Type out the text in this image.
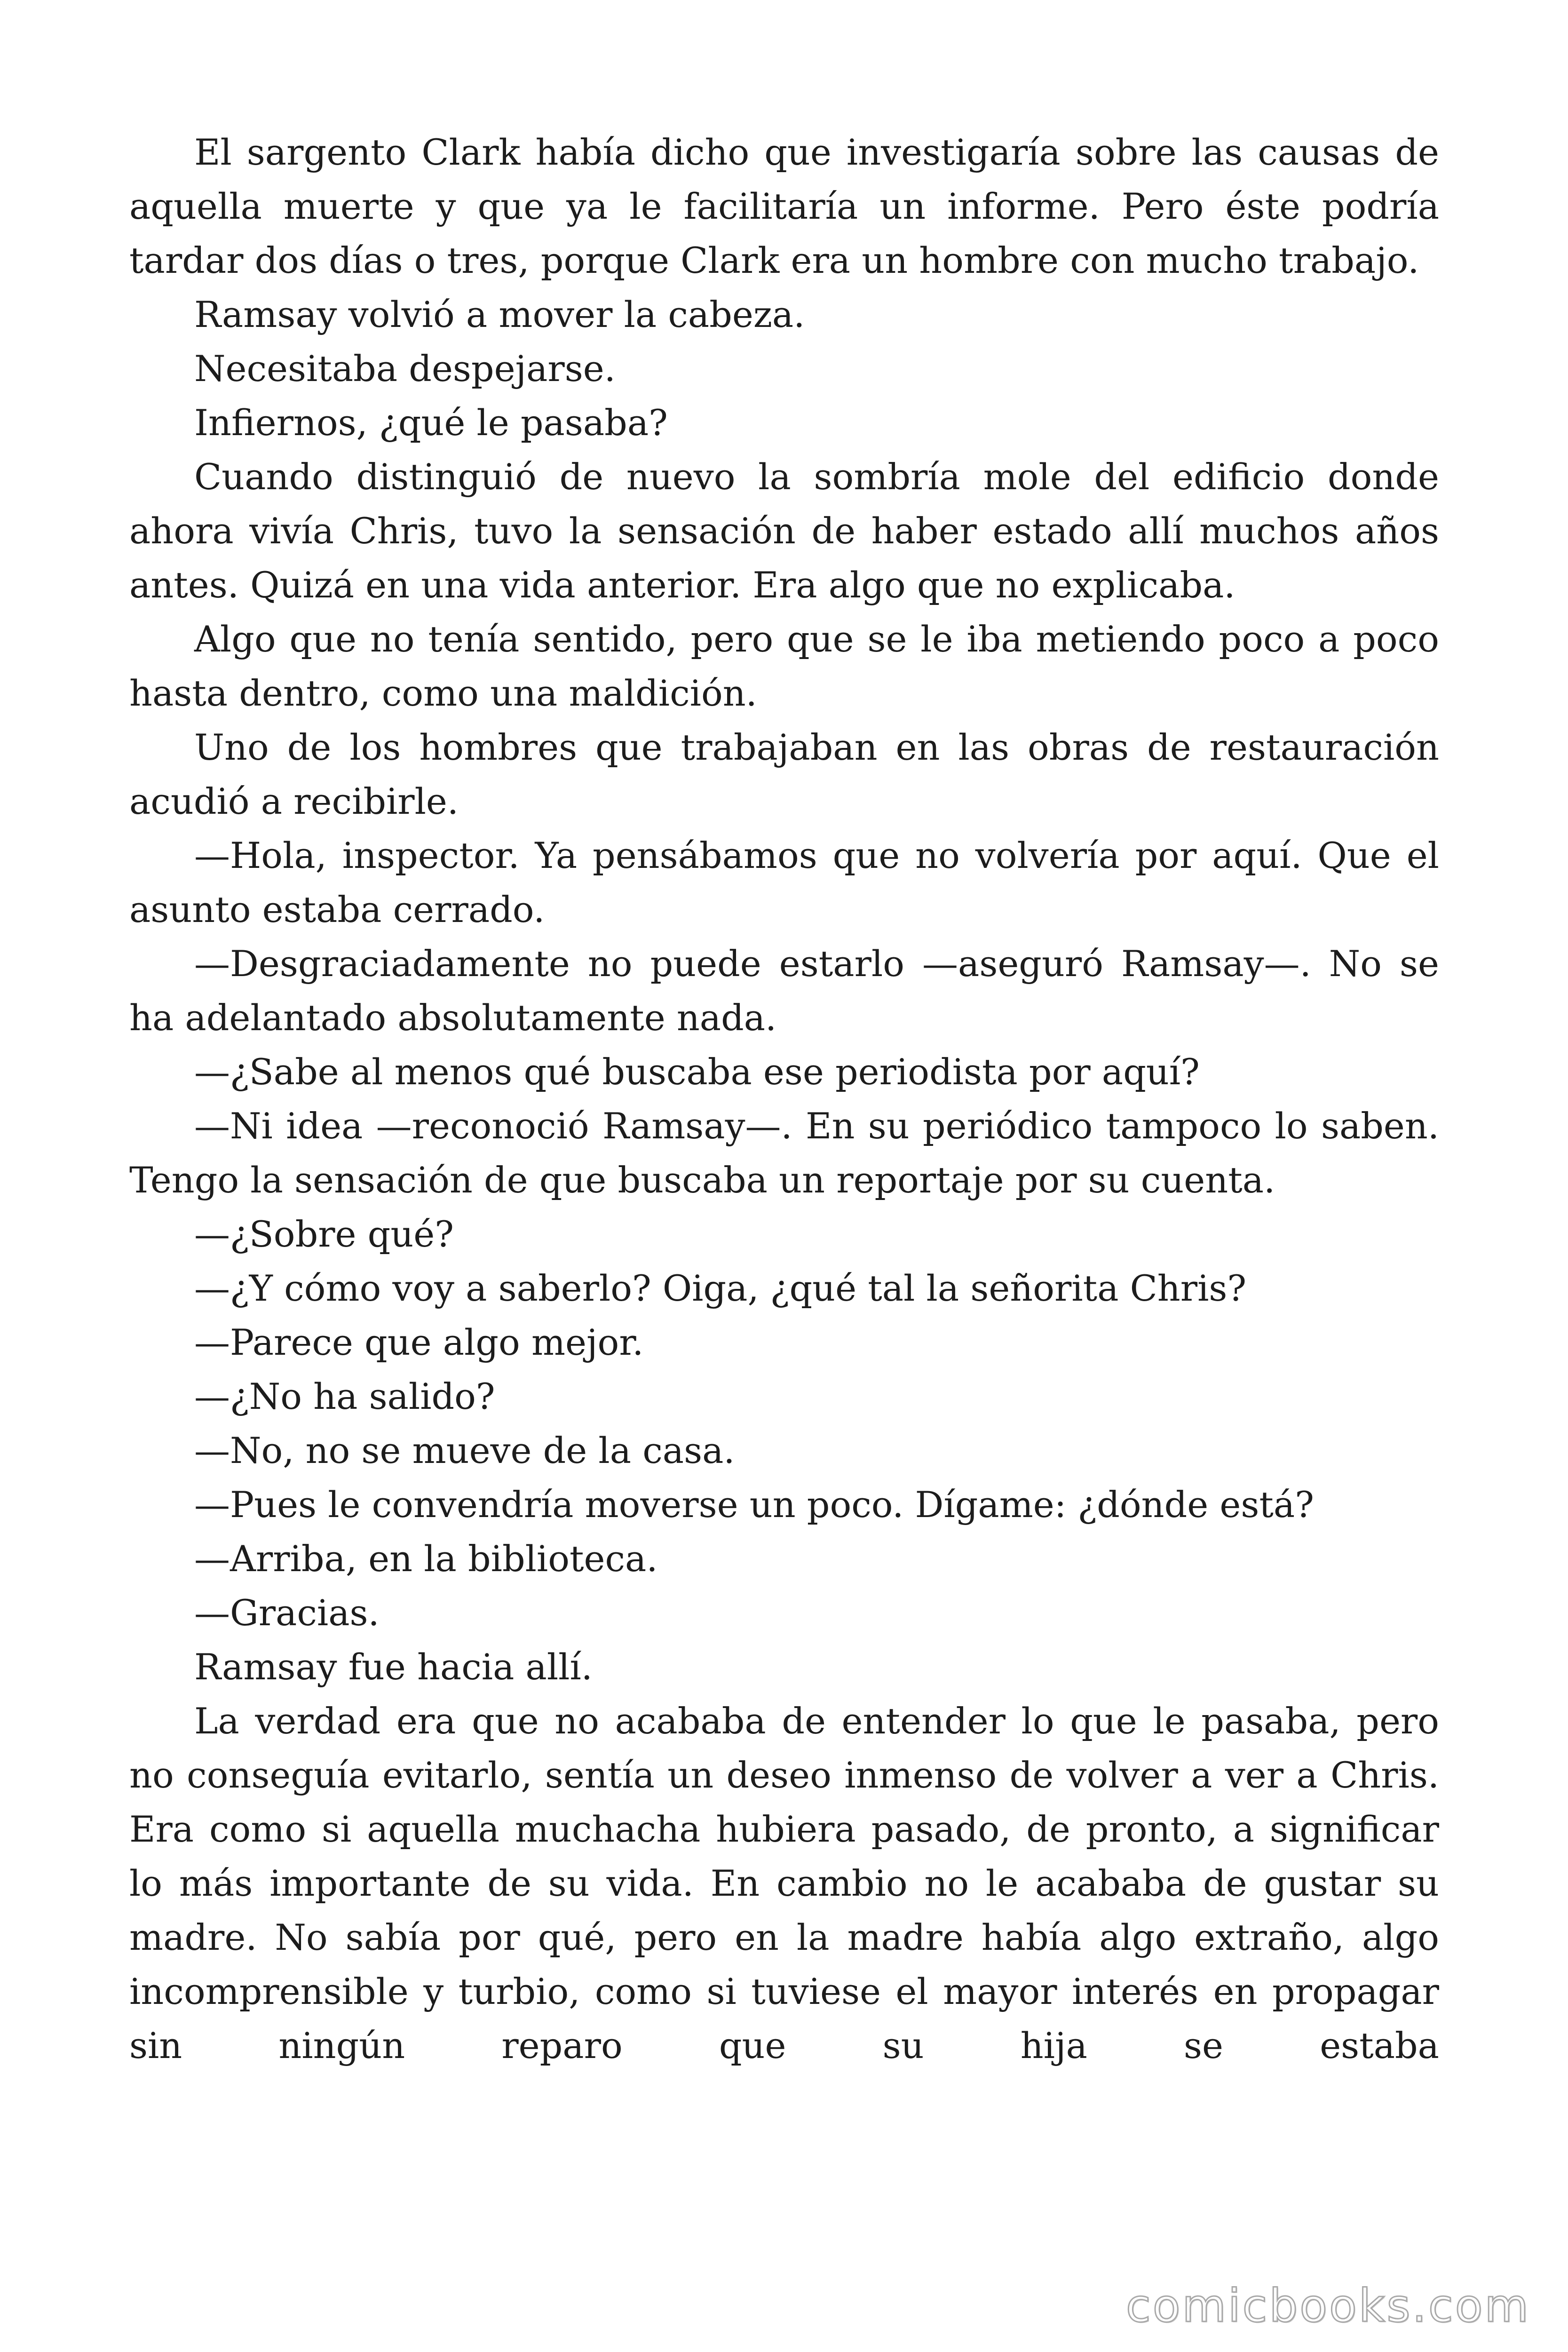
El sargento Clark había dicho que investigaría sobre las causas de aquella muerte y que ya le facilitaría un informe. Pero éste podría tardar dos días o tres, porque Clark era un hombre con mucho trabajo.

Ramsay volvió a mover la cabeza.

Necesitaba despejarse.

Infiernos, ¿qué le pasaba?

Cuando distinguió de nuevo la sombría mole del edificio donde ahora vivía Chris, tuvo la sensación de haber estado allí muchos años antes. Quizá en una vida anterior. Era algo que no explicaba.

Algo que no tenía sentido, pero que se le iba metiendo poco a poco hasta dentro, como una maldición.

Uno de los hombres que trabajaban en las obras de restauración acudió a recibirle.

—Hola, inspector. Ya pensábamos que no volvería por aquí. Que el asunto estaba cerrado.

—Desgraciadamente no puede estarlo —aseguró Ramsay—. No se ha adelantado absolutamente nada.

—¿Sabe al menos qué buscaba ese periodista por aquí?

—Ni idea —reconoció Ramsay—. En su periódico tampoco lo saben. Tengo la sensación de que buscaba un reportaje por su cuenta.

—¿Sobre qué?

—¿Y cómo voy a saberlo? Oiga, ¿qué tal la señorita Chris?

—Parece que algo mejor.

—¿No ha salido?

—No, no se mueve de la casa.

—Pues le convendría moverse un poco. Dígame: ¿dónde está?

—Arriba, en la biblioteca.

—Gracias.

Ramsay fue hacia allí.

La verdad era que no acababa de entender lo que le pasaba, pero no conseguía evitarlo, sentía un deseo inmenso de volver a ver a Chris. Era como si aquella muchacha hubiera pasado, de pronto, a significar lo más importante de su vida. En cambio no le acababa de gustar su madre. No sabía por qué, pero en la madre había algo extraño, algo incomprensible y turbio, como si tuviese el mayor interés en propagar sin ningún reparo que su hija se estaba

comicbooks.com
